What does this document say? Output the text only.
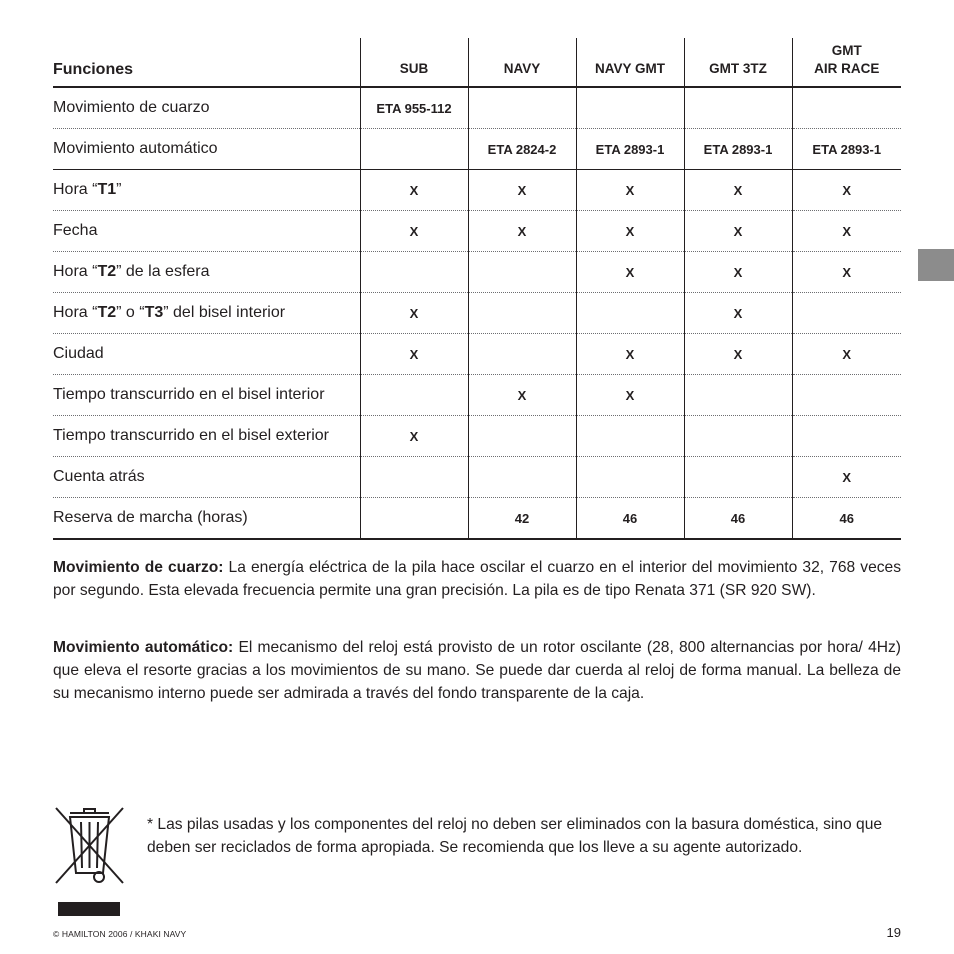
Funciones	SUB	NAVY	NAVY GMT	GMT 3TZ	GMT
AIR RACE

Movimiento de cuarzo	ETA 955-112				
Movimiento automático		ETA 2824-2	ETA 2893-1	ETA 2893-1	ETA 2893-1
Hora “T1”	X	X	X	X	X
Fecha	X	X	X	X	X
Hora “T2” de la esfera			X	X	X
Hora “T2” o “T3” del bisel interior	X			X	
Ciudad	X		X	X	X
Tiempo transcurrido en el bisel interior		X	X		
Tiempo transcurrido en el bisel exterior	X				
Cuenta atrás					X
Reserva de marcha (horas)		42	46	46	46

Movimiento de cuarzo: La energía eléctrica de la pila hace oscilar el cuarzo en el interior del movimiento 32, 768 veces por segundo. Esta elevada frecuencia permite una gran precisión. La pila es de tipo Renata 371 (SR 920 SW).

Movimiento automático: El mecanismo del reloj está provisto de un rotor oscilante (28, 800 alternancias por hora/ 4Hz) que eleva el resorte gracias a los movimientos de su mano. Se puede dar cuerda al reloj de forma manual. La belleza de su mecanismo interno puede ser admirada a través del fondo transparente de la caja.

* Las pilas usadas y los componentes del reloj no deben ser eliminados con la basura doméstica, sino que deben ser reciclados de forma apropiada. Se recomienda que los lleve a su agente autorizado.

© HAMILTON 2006 / KHAKI NAVY	19
